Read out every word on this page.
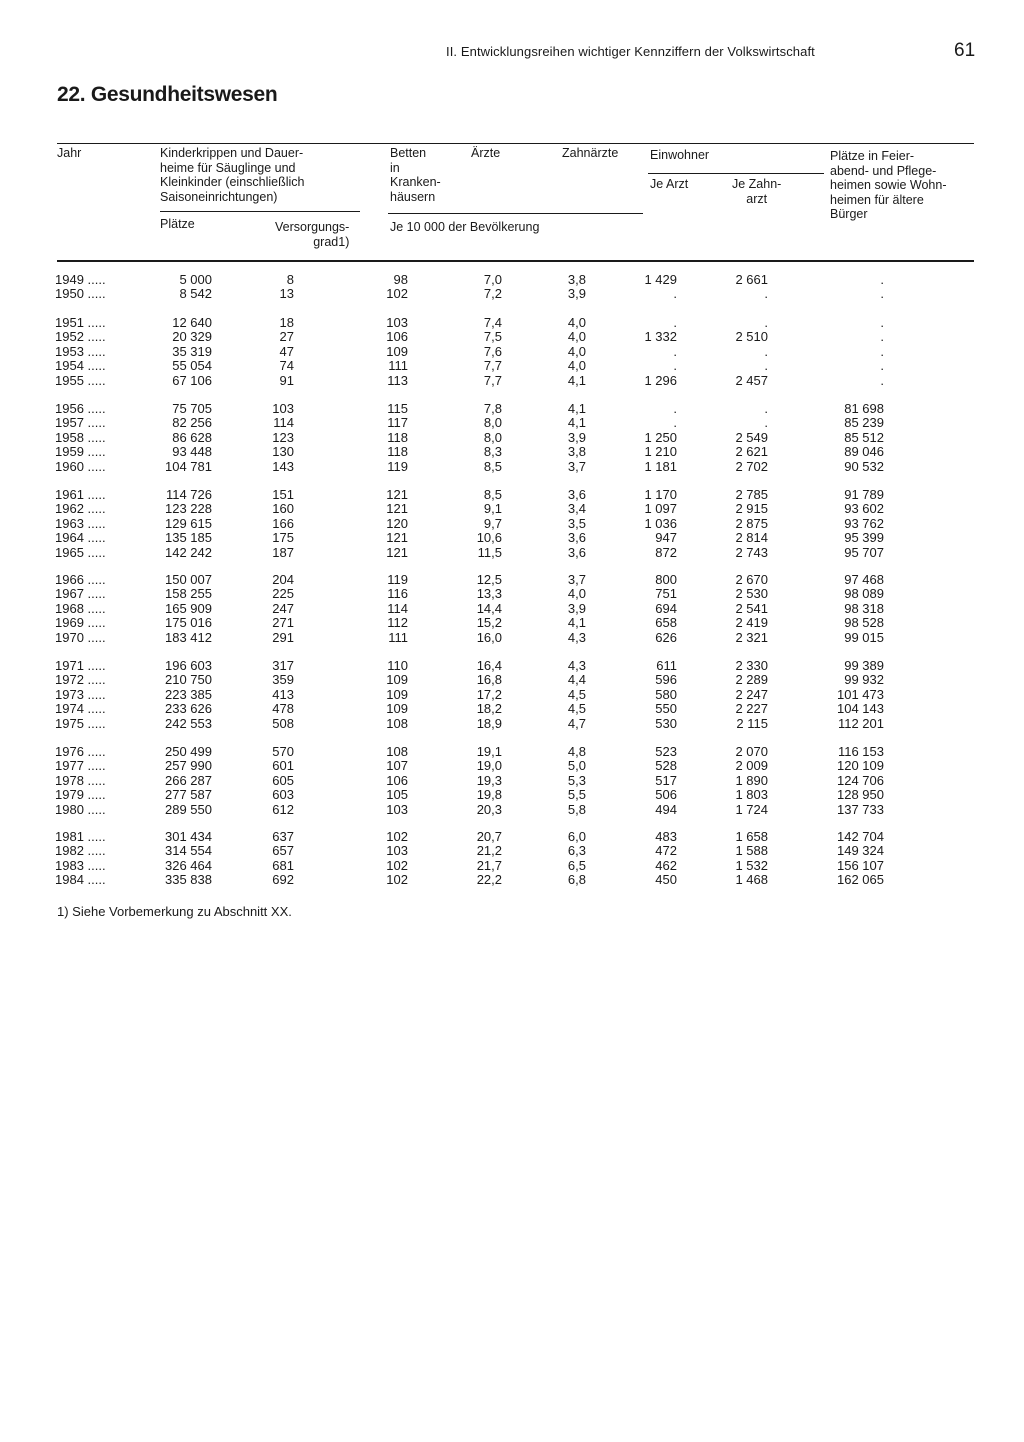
II. Entwicklungsreihen wichtiger Kennziffern der Volkswirtschaft	61
22. Gesundheitswesen
Jahr	Kinderkrippen und Dauer-
heime für Säuglinge und
Kleinkinder (einschließlich
Saisoneinrichtungen)
Plätze	Versorgungs-
grad1)
Betten
in
Kranken-
häusern
Ärzte	Zahnärzte
Je 10 000 der Bevölkerung
Einwohner
Je Arzt	Je Zahn-
arzt
Plätze in Feier-
abend- und Pflege-
heimen sowie Wohn-
heimen für ältere
Bürger
1949 .....	5 000	8	98	7,0	3,8	1 429	2 661	.
1950 .....	8 542	13	102	7,2	3,9	.	.	.
1951 .....	12 640	18	103	7,4	4,0	.	.	.
1952 .....	20 329	27	106	7,5	4,0	1 332	2 510	.
1953 .....	35 319	47	109	7,6	4,0	.	.	.
1954 .....	55 054	74	111	7,7	4,0	.	.	.
1955 .....	67 106	91	113	7,7	4,1	1 296	2 457	.
1956 .....	75 705	103	115	7,8	4,1	.	.	81 698
1957 .....	82 256	114	117	8,0	4,1	.	.	85 239
1958 .....	86 628	123	118	8,0	3,9	1 250	2 549	85 512
1959 .....	93 448	130	118	8,3	3,8	1 210	2 621	89 046
1960 .....	104 781	143	119	8,5	3,7	1 181	2 702	90 532
1961 .....	114 726	151	121	8,5	3,6	1 170	2 785	91 789
1962 .....	123 228	160	121	9,1	3,4	1 097	2 915	93 602
1963 .....	129 615	166	120	9,7	3,5	1 036	2 875	93 762
1964 .....	135 185	175	121	10,6	3,6	947	2 814	95 399
1965 .....	142 242	187	121	11,5	3,6	872	2 743	95 707
1966 .....	150 007	204	119	12,5	3,7	800	2 670	97 468
1967 .....	158 255	225	116	13,3	4,0	751	2 530	98 089
1968 .....	165 909	247	114	14,4	3,9	694	2 541	98 318
1969 .....	175 016	271	112	15,2	4,1	658	2 419	98 528
1970 .....	183 412	291	111	16,0	4,3	626	2 321	99 015
1971 .....	196 603	317	110	16,4	4,3	611	2 330	99 389
1972 .....	210 750	359	109	16,8	4,4	596	2 289	99 932
1973 .....	223 385	413	109	17,2	4,5	580	2 247	101 473
1974 .....	233 626	478	109	18,2	4,5	550	2 227	104 143
1975 .....	242 553	508	108	18,9	4,7	530	2 115	112 201
1976 .....	250 499	570	108	19,1	4,8	523	2 070	116 153
1977 .....	257 990	601	107	19,0	5,0	528	2 009	120 109
1978 .....	266 287	605	106	19,3	5,3	517	1 890	124 706
1979 .....	277 587	603	105	19,8	5,5	506	1 803	128 950
1980 .....	289 550	612	103	20,3	5,8	494	1 724	137 733
1981 .....	301 434	637	102	20,7	6,0	483	1 658	142 704
1982 .....	314 554	657	103	21,2	6,3	472	1 588	149 324
1983 .....	326 464	681	102	21,7	6,5	462	1 532	156 107
1984 .....	335 838	692	102	22,2	6,8	450	1 468	162 065
1) Siehe Vorbemerkung zu Abschnitt XX.
